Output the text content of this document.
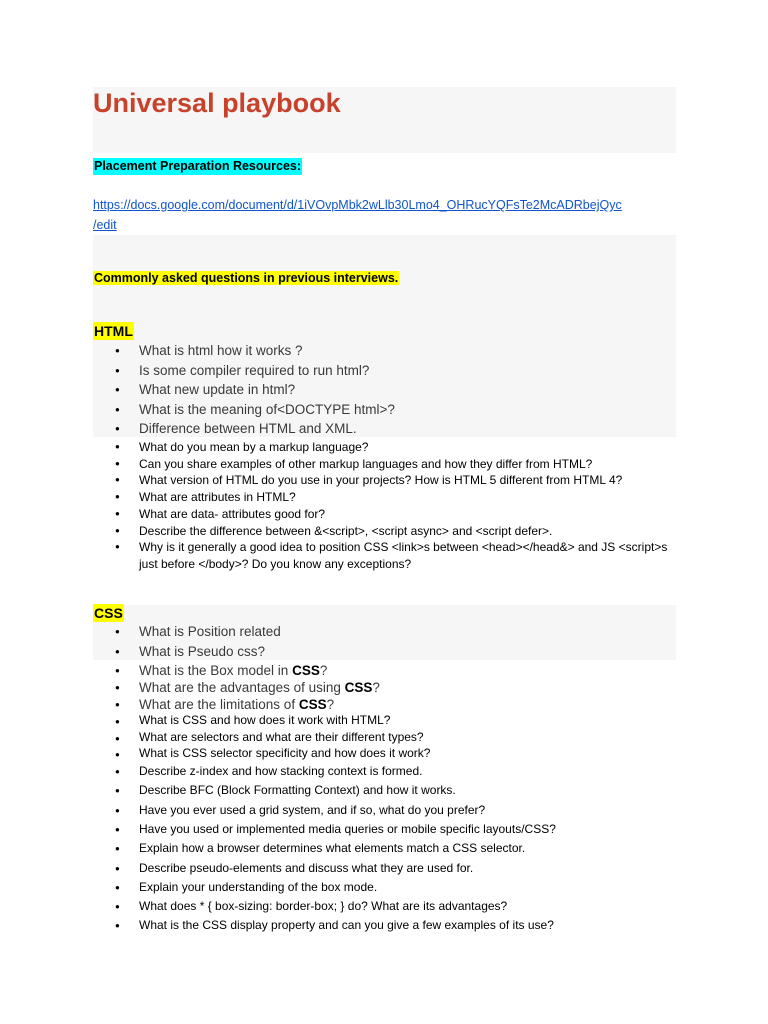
Universal playbook
Placement Preparation Resources:
https://docs.google.com/document/d/1iVOvpMbk2wLlb30Lmo4_OHRucYQFsTe2McADRbejQyc
/edit
Commonly asked questions in previous interviews.
HTML
● What is html how it works ?
● Is some compiler required to run html?
● What new update in html?
● What is the meaning of<DOCTYPE html>?
● Difference between HTML and XML.
● What do you mean by a markup language?
● Can you share examples of other markup languages and how they differ from HTML?
● What version of HTML do you use in your projects? How is HTML 5 different from HTML 4?
● What are attributes in HTML?
● What are data- attributes good for?
● Describe the difference between &<script>, <script async> and <script defer>.
● Why is it generally a good idea to position CSS <link>s between <head></head&> and JS <script>s just before </body>? Do you know any exceptions?
CSS
● What is Position related
● What is Pseudo css?
● What is the Box model in CSS?
● What are the advantages of using CSS?
● What are the limitations of CSS?
● What is CSS and how does it work with HTML?
● What are selectors and what are their different types?
● What is CSS selector specificity and how does it work?
● Describe z-index and how stacking context is formed.
● Describe BFC (Block Formatting Context) and how it works.
● Have you ever used a grid system, and if so, what do you prefer?
● Have you used or implemented media queries or mobile specific layouts/CSS?
● Explain how a browser determines what elements match a CSS selector.
● Describe pseudo-elements and discuss what they are used for.
● Explain your understanding of the box mode.
● What does * { box-sizing: border-box; } do? What are its advantages?
● What is the CSS display property and can you give a few examples of its use?
